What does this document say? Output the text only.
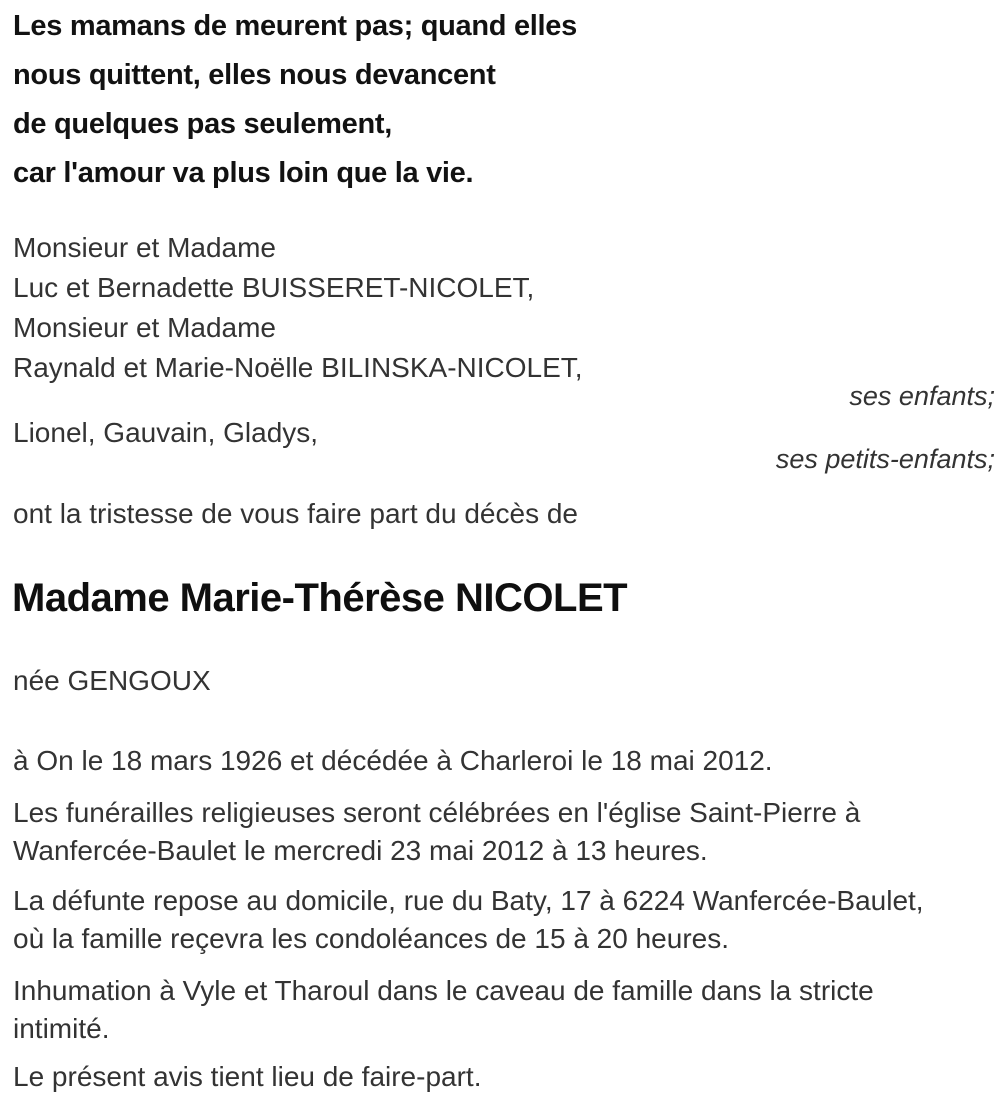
Les mamans de meurent pas; quand elles
nous quittent, elles nous devancent
de quelques pas seulement,
car l'amour va plus loin que la vie.
Monsieur et Madame
Luc et Bernadette BUISSERET-NICOLET,
Monsieur et Madame
Raynald et Marie-Noëlle BILINSKA-NICOLET,
ses enfants;
Lionel, Gauvain, Gladys,
ses petits-enfants;
ont la tristesse de vous faire part du décès de
Madame Marie-Thérèse NICOLET
née GENGOUX
à On le 18 mars 1926 et décédée à Charleroi le 18 mai 2012.
Les funérailles religieuses seront célébrées en l'église Saint-Pierre à
Wanfercée-Baulet le mercredi 23 mai 2012 à 13 heures.
La défunte repose au domicile, rue du Baty, 17 à 6224 Wanfercée-Baulet,
où la famille reçevra les condoléances de 15 à 20 heures.
Inhumation à Vyle et Tharoul dans le caveau de famille dans la stricte
intimité.
Le présent avis tient lieu de faire-part.
